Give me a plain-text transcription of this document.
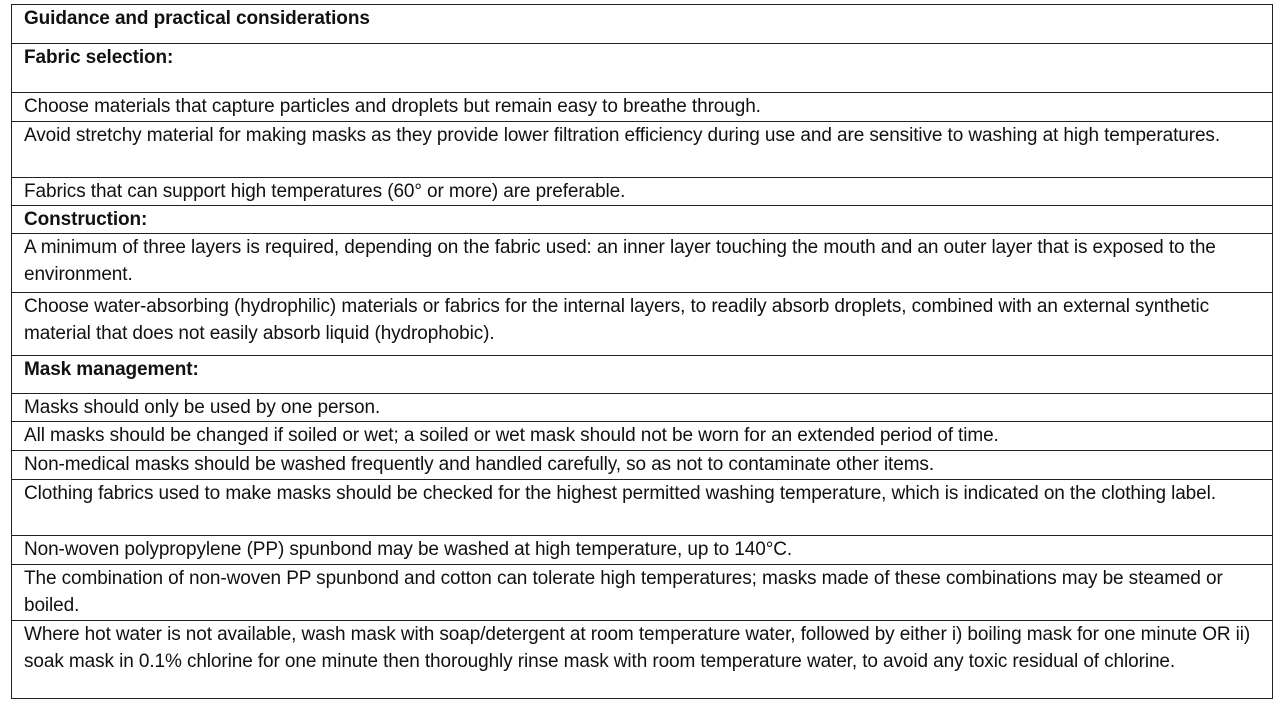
Guidance and practical considerations
Fabric selection:
Choose materials that capture particles and droplets but remain easy to breathe through.
Avoid stretchy material for making masks as they provide lower filtration efficiency during use and are sensitive to washing at high temperatures.
Fabrics that can support high temperatures (60° or more) are preferable.
Construction:
A minimum of three layers is required, depending on the fabric used: an inner layer touching the mouth and an outer layer that is exposed to the environment.
Choose water-absorbing (hydrophilic) materials or fabrics for the internal layers, to readily absorb droplets, combined with an external synthetic material that does not easily absorb liquid (hydrophobic).
Mask management:
Masks should only be used by one person.
All masks should be changed if soiled or wet; a soiled or wet mask should not be worn for an extended period of time.
Non-medical masks should be washed frequently and handled carefully, so as not to contaminate other items.
Clothing fabrics used to make masks should be checked for the highest permitted washing temperature, which is indicated on the clothing label.
Non-woven polypropylene (PP) spunbond may be washed at high temperature, up to 140°C.
The combination of non-woven PP spunbond and cotton can tolerate high temperatures; masks made of these combinations may be steamed or boiled.
Where hot water is not available, wash mask with soap/detergent at room temperature water, followed by either i) boiling mask for one minute OR ii) soak mask in 0.1% chlorine for one minute then thoroughly rinse mask with room temperature water, to avoid any toxic residual of chlorine.
